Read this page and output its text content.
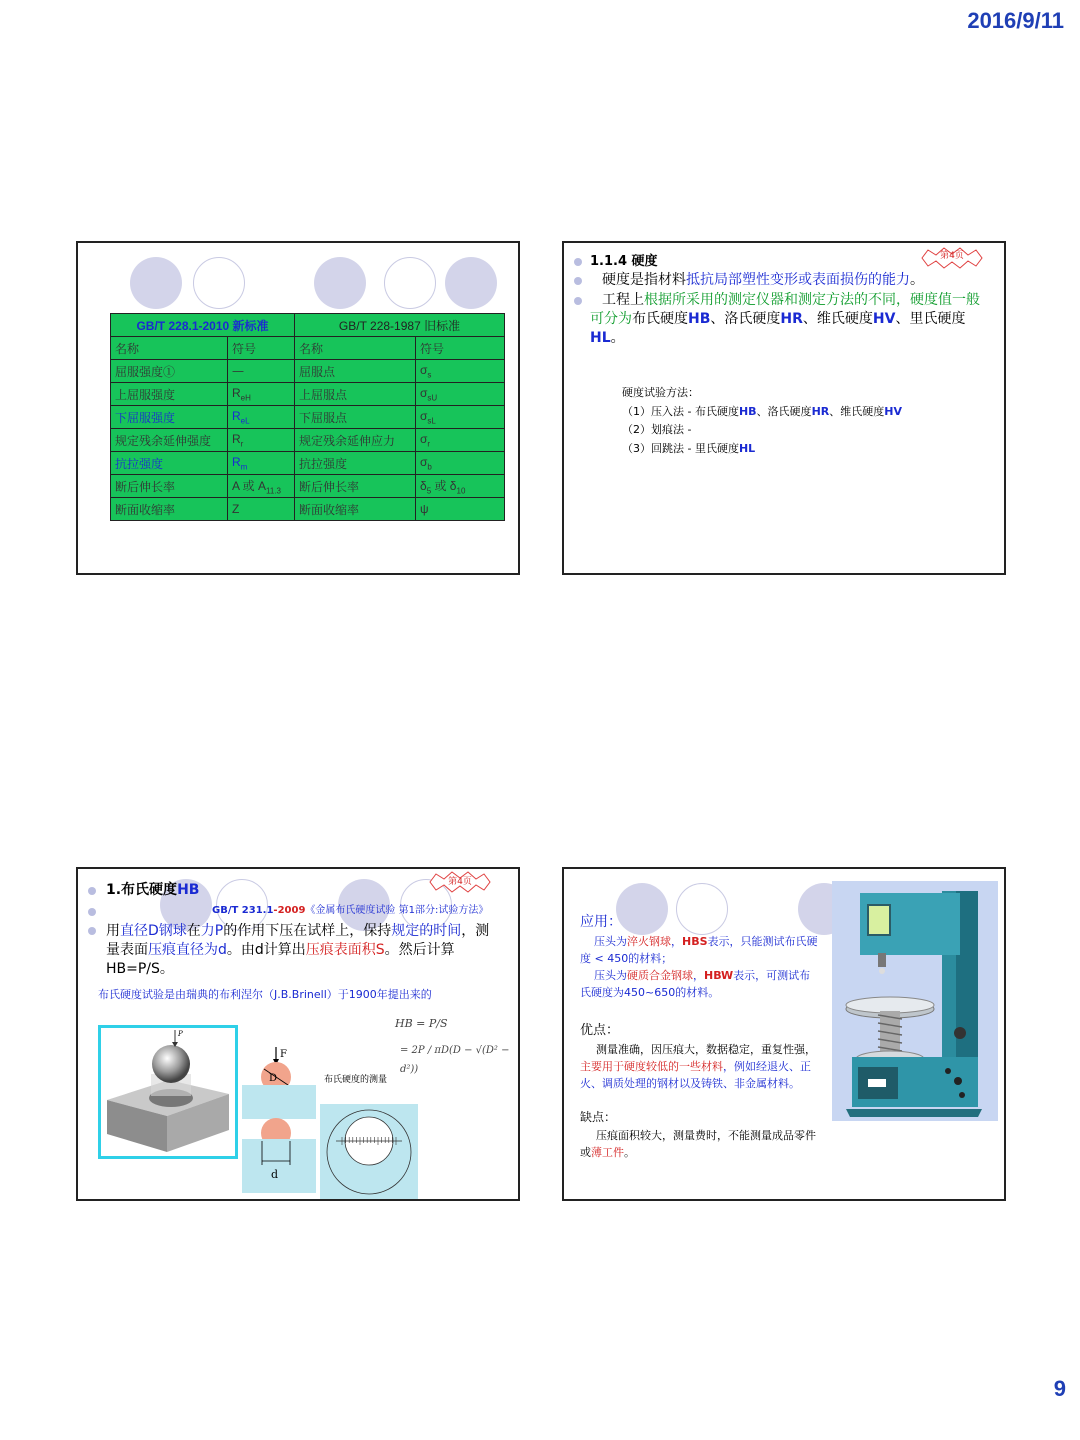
2016/9/11
GB/T 228.1-2010 新标准		GB/T 228-1987 旧标准	
名称	符号	名称	符号
屈服强度①	—	屈服点	$\sigma_s$
上屈服强度	$R_{eH}$	上屈服点	$\sigma_{sU}$
下屈服强度	$R_{eL}$	下屈服点	$\sigma_{sL}$
规定残余延伸强度	$R_r$	规定残余延伸应力	$\sigma_r$
抗拉强度	$R_m$	抗拉强度	$\sigma_b$
断后伸长率	A 或 $A_{11.3}$	断后伸长率	$\delta_5$ 或 $\delta_{10}$
断面收缩率	Z	断面收缩率	ψ
第4页
1.1.4 硬度
硬度是指材料抵抗局部塑性变形或表面损伤的能力。
工程上根据所采用的测定仪器和测定方法的不同，硬度值一般可分为布氏硬度HB、洛氏硬度HR、维氏硬度HV、里氏硬度HL。
硬度试验方法：
（1）压入法 - 布氏硬度HB、洛氏硬度HR、维氏硬度HV
（2）划痕法 -
（3）回跳法 - 里氏硬度HL
第4页
1.布氏硬度HB
GB/T 231.1-2009《金属布氏硬度试验 第1部分:试验方法》
用直径D钢球在力P的作用下压在试样上，保持规定的时间，测量表面压痕直径为d。由d计算出压痕表面积S。然后计算HB=P/S。
布氏硬度试验是由瑞典的布利涅尔（J.B.Brinell）于1900年提出来的
P
F
D
d
布氏硬度的测量
HB = P/S
= 2P / πD(D − √(D² − d²))
应用：
压头为淬火钢球，HBS表示，只能测试布氏硬度 < 450的材料；
压头为硬质合金钢球，HBW表示，可测试布氏硬度为450~650的材料。
优点：
测量准确，因压痕大，数据稳定，重复性强，主要用于硬度较低的一些材料，例如经退火、正火、调质处理的钢材以及铸铁、非金属材料。
缺点：
压痕面积较大，测量费时，不能测量成品零件或薄工件。
9
